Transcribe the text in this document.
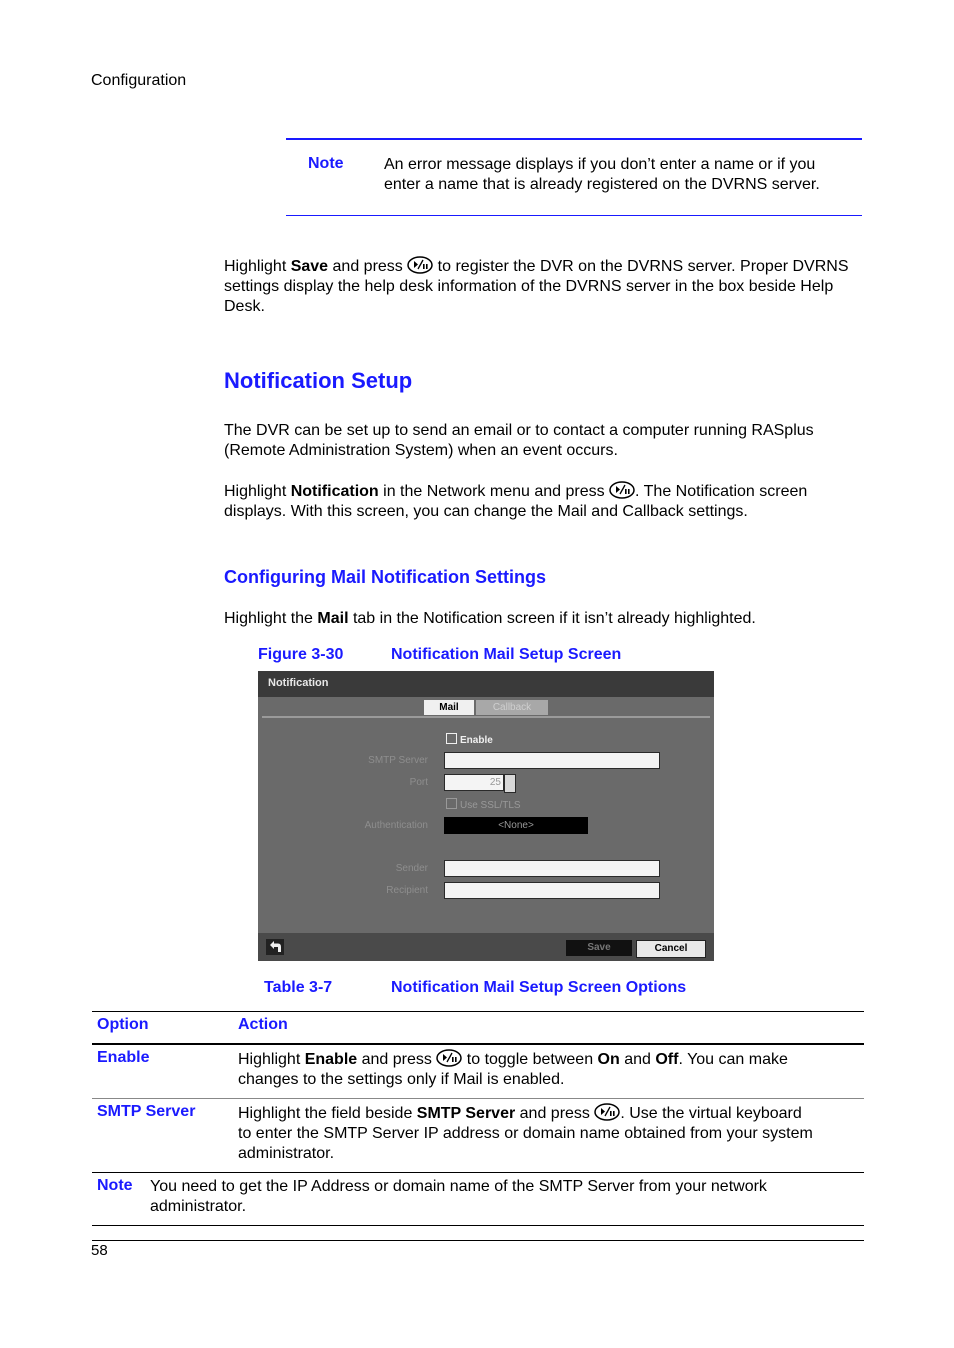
Configuration
Note	An error message displays if you don’t enter a name or if you
enter a name that is already registered on the DVRNS server.
Highlight Save and press  to register the DVR on the DVRNS server. Proper DVRNS
settings display the help desk information of the DVRNS server in the box beside Help
Desk.
Notification Setup
The DVR can be set up to send an email or to contact a computer running RASplus
(Remote Administration System) when an event occurs.
Highlight Notification in the Network menu and press . The Notification screen
displays. With this screen, you can change the Mail and Callback settings.
Configuring Mail Notification Settings
Highlight the Mail tab in the Notification screen if it isn’t already highlighted.
Figure 3-30	Notification Mail Setup Screen
Notification
Mail	Callback
Enable
SMTP Server
Port	25
Use SSL/TLS
Authentication	<None>
Sender
Recipient
Save	Cancel
Table 3-7	Notification Mail Setup Screen Options
Option	Action
Enable	Highlight Enable and press  to toggle between On and Off. You can make
changes to the settings only if Mail is enabled.
SMTP Server	Highlight the field beside SMTP Server and press . Use the virtual keyboard
to enter the SMTP Server IP address or domain name obtained from your system
administrator.
Note You need to get the IP Address or domain name of the SMTP Server from your network
administrator.
58
